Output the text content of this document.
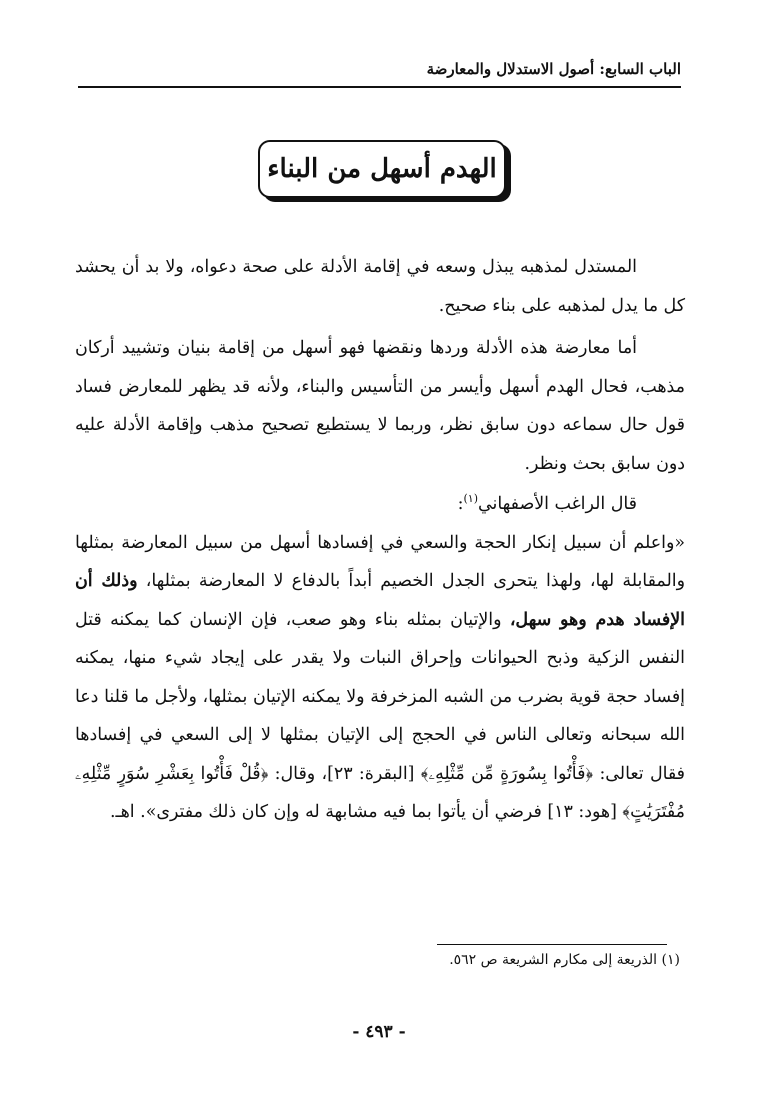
الباب السابع: أصول الاستدلال والمعارضة
الهدم أسهل من البناء

المستدل لمذهبه يبذل وسعه في إقامة الأدلة على صحة دعواه، ولا بد أن يحشد كل ما يدل لمذهبه على بناء صحيح.

أما معارضة هذه الأدلة وردها ونقضها فهو أسهل من إقامة بنيان وتشييد أركان مذهب، فحال الهدم أسهل وأيسر من التأسيس والبناء، ولأنه قد يظهر للمعارض فساد قول حال سماعه دون سابق نظر، وربما لا يستطيع تصحيح مذهب وإقامة الأدلة عليه دون سابق بحث ونظر.

قال الراغب الأصفهاني$^{(١)}$:

«واعلم أن سبيل إنكار الحجة والسعي في إفسادها أسهل من سبيل المعارضة بمثلها والمقابلة لها، ولهذا يتحرى الجدل الخصيم أبداً بالدفاع لا المعارضة بمثلها، وذلك أن الإفساد هدم وهو سهل، والإتيان بمثله بناء وهو صعب، فإن الإنسان كما يمكنه قتل النفس الزكية وذبح الحيوانات وإحراق النبات ولا يقدر على إيجاد شيء منها، يمكنه إفساد حجة قوية بضرب من الشبه المزخرفة ولا يمكنه الإتيان بمثلها، ولأجل ما قلنا دعا الله سبحانه وتعالى الناس في الحجج إلى الإتيان بمثلها لا إلى السعي في إفسادها فقال تعالى: ﴿فَأْتُوا بِسُورَةٍ مِّن مِّثْلِهِۦ﴾ [البقرة: ٢٣]، وقال: ﴿قُلْ فَأْتُوا بِعَشْرِ سُوَرٍ مِّثْلِهِۦ مُفْتَرَيَٰتٍ﴾ [هود: ١٣] فرضي أن يأتوا بما فيه مشابهة له وإن كان ذلك مفترى». اهـ.

(١) الذريعة إلى مكارم الشريعة ص ٥٦٢.
- ٤٩٣ -
